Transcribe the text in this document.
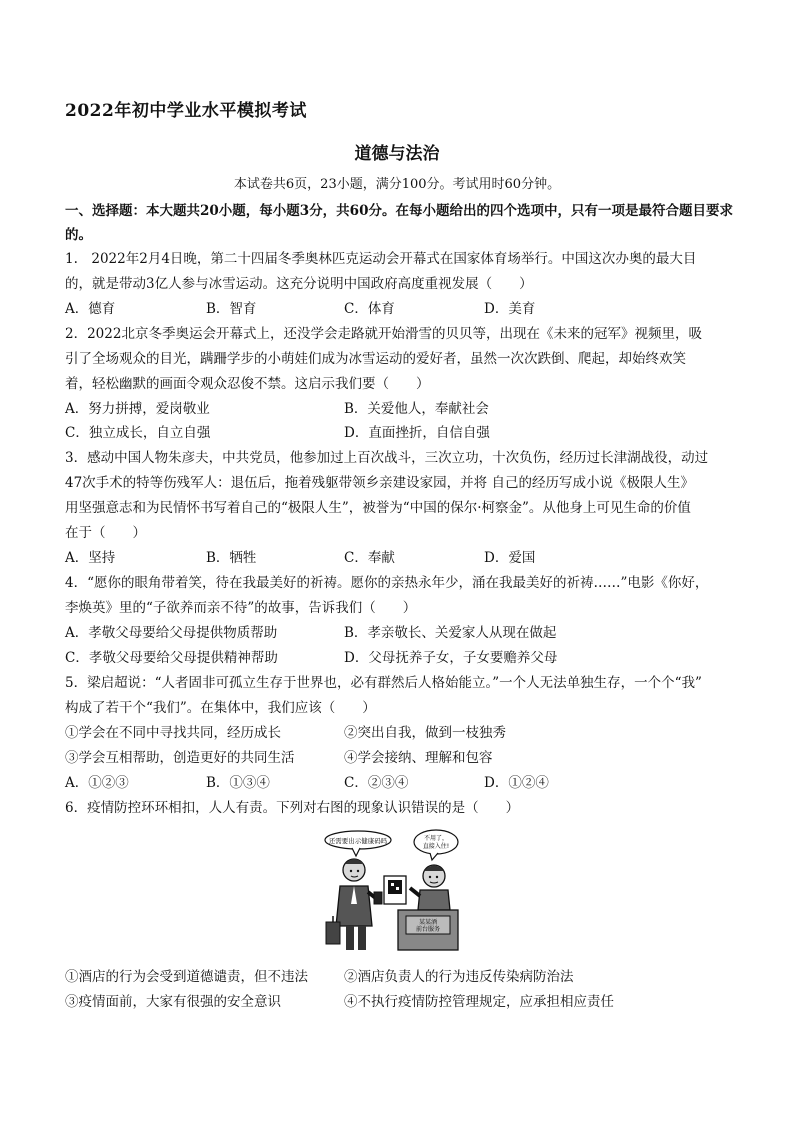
2022年初中学业水平模拟考试
道德与法治
本试卷共6页，23小题，满分100分。考试用时60分钟。
一、选择题：本大题共20小题，每小题3分，共60分。在每小题给出的四个选项中，只有一项是最符合题目要求的。
1.　2022年2月4日晚，第二十四届冬季奥林匹克运动会开幕式在国家体育场举行。中国这次办奥的最大目
的，就是带动3亿人参与冰雪运动。这充分说明中国政府高度重视发展（　　）
A．德育	B．智育	C．体育	D．美育
2．2022北京冬季奥运会开幕式上，还没学会走路就开始滑雪的贝贝等，出现在《未来的冠军》视频里，吸
引了全场观众的目光，蹒跚学步的小萌娃们成为冰雪运动的爱好者，虽然一次次跌倒、爬起，却始终欢笑
着，轻松幽默的画面令观众忍俊不禁。这启示我们要（　　）
A．努力拼搏，爱岗敬业	B．关爱他人，奉献社会
C．独立成长，自立自强	D．直面挫折，自信自强
3．感动中国人物朱彦夫，中共党员，他参加过上百次战斗，三次立功，十次负伤，经历过长津湖战役，动过
47次手术的特等伤残军人：退伍后，拖着残躯带领乡亲建设家园，并将 自己的经历写成小说《极限人生》
用坚强意志和为民情怀书写着自己的“极限人生”，被誉为“中国的保尔·柯察金”。从他身上可见生命的价值
在于（　　）
A．坚持	B．牺牲	C．奉献	D．爱国
4．“愿你的眼角带着笑，待在我最美好的祈祷。愿你的亲热永年少，涌在我最美好的祈祷……”电影《你好，
李焕英》里的“子欲养而亲不待”的故事，告诉我们（　　）
A．孝敬父母要给父母提供物质帮助	B．孝亲敬长、关爱家人从现在做起
C．孝敬父母要给父母提供精神帮助	D．父母抚养子女，子女要赡养父母
5．梁启超说：“人者固非可孤立生存于世界也，必有群然后人格始能立。”一个人无法单独生存，一个个“我”
构成了若干个“我们”。在集体中，我们应该（　　）
①学会在不同中寻找共同，经历成长	②突出自我，做到一枝独秀
③学会互相帮助，创造更好的共同生活	④学会接纳、理解和包容
A．①②③	B．①③④	C．②③④	D．①②④
6．疫情防控环环相扣，人人有责。下列对右图的现象认识错误的是（　　）
还需要出示健康码吗	不用了，
直接入住!
某某酒
前台服务
①酒店的行为会受到道德谴责，但不违法	②酒店负责人的行为违反传染病防治法
③疫情面前，大家有很强的安全意识	④不执行疫情防控管理规定，应承担相应责任
